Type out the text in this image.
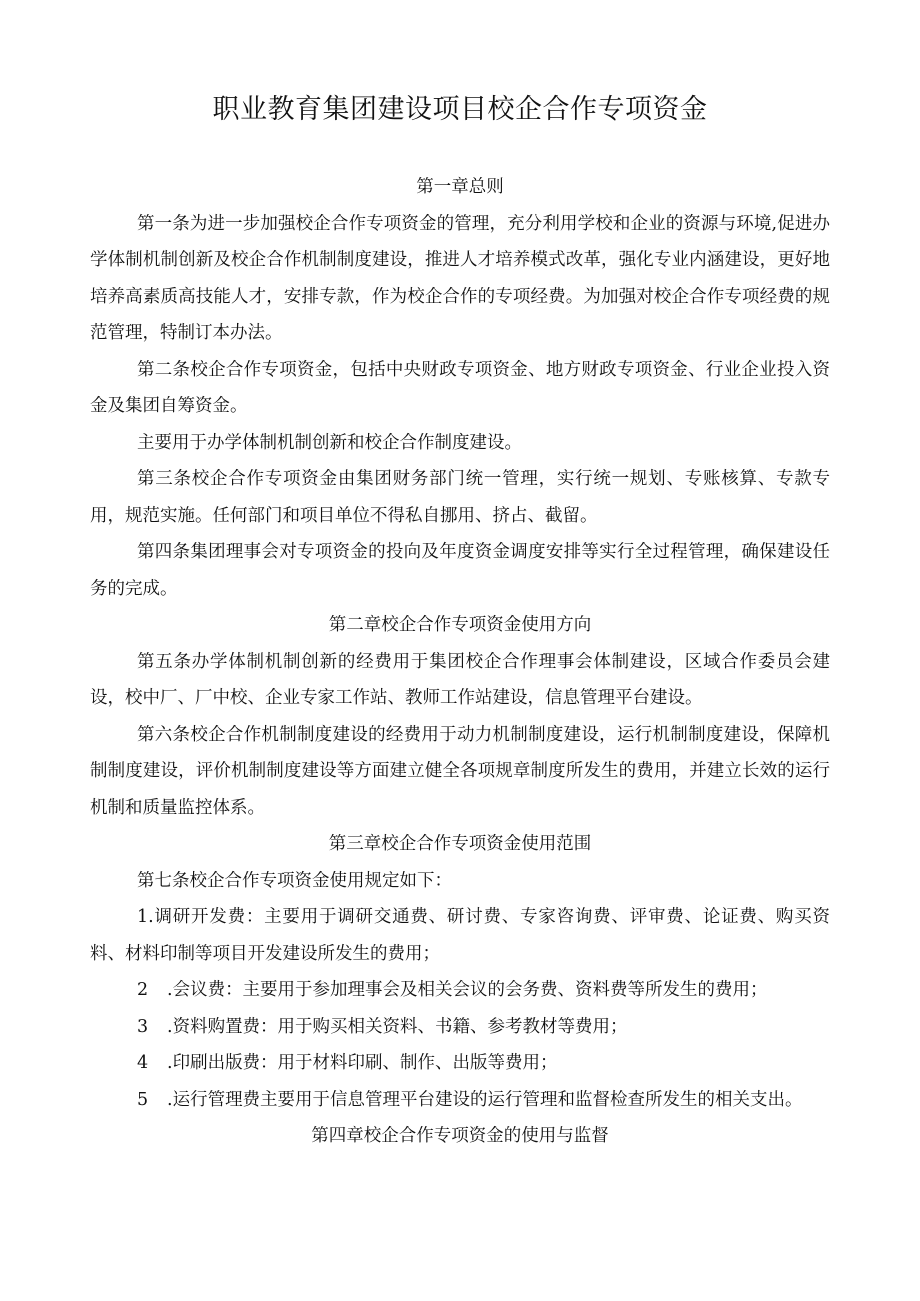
职业教育集团建设项目校企合作专项资金

第一章总则

第一条为进一步加强校企合作专项资金的管理，充分利用学校和企业的资源与环境,促进办学体制机制创新及校企合作机制制度建设，推进人才培养模式改革，强化专业内涵建设，更好地培养高素质高技能人才，安排专款，作为校企合作的专项经费。为加强对校企合作专项经费的规范管理，特制订本办法。

第二条校企合作专项资金，包括中央财政专项资金、地方财政专项资金、行业企业投入资金及集团自筹资金。

主要用于办学体制机制创新和校企合作制度建设。

第三条校企合作专项资金由集团财务部门统一管理，实行统一规划、专账核算、专款专用，规范实施。任何部门和项目单位不得私自挪用、挤占、截留。

第四条集团理事会对专项资金的投向及年度资金调度安排等实行全过程管理，确保建设任务的完成。

第二章校企合作专项资金使用方向

第五条办学体制机制创新的经费用于集团校企合作理事会体制建设，区域合作委员会建设，校中厂、厂中校、企业专家工作站、教师工作站建设，信息管理平台建设。

第六条校企合作机制制度建设的经费用于动力机制制度建设，运行机制制度建设，保障机制制度建设，评价机制制度建设等方面建立健全各项规章制度所发生的费用，并建立长效的运行机制和质量监控体系。

第三章校企合作专项资金使用范围

第七条校企合作专项资金使用规定如下：

1.调研开发费：主要用于调研交通费、研讨费、专家咨询费、评审费、论证费、购买资料、材料印制等项目开发建设所发生的费用；

2 .会议费：主要用于参加理事会及相关会议的会务费、资料费等所发生的费用；

3 .资料购置费：用于购买相关资料、书籍、参考教材等费用；

4 .印刷出版费：用于材料印刷、制作、出版等费用；

5 .运行管理费主要用于信息管理平台建设的运行管理和监督检查所发生的相关支出。

第四章校企合作专项资金的使用与监督
